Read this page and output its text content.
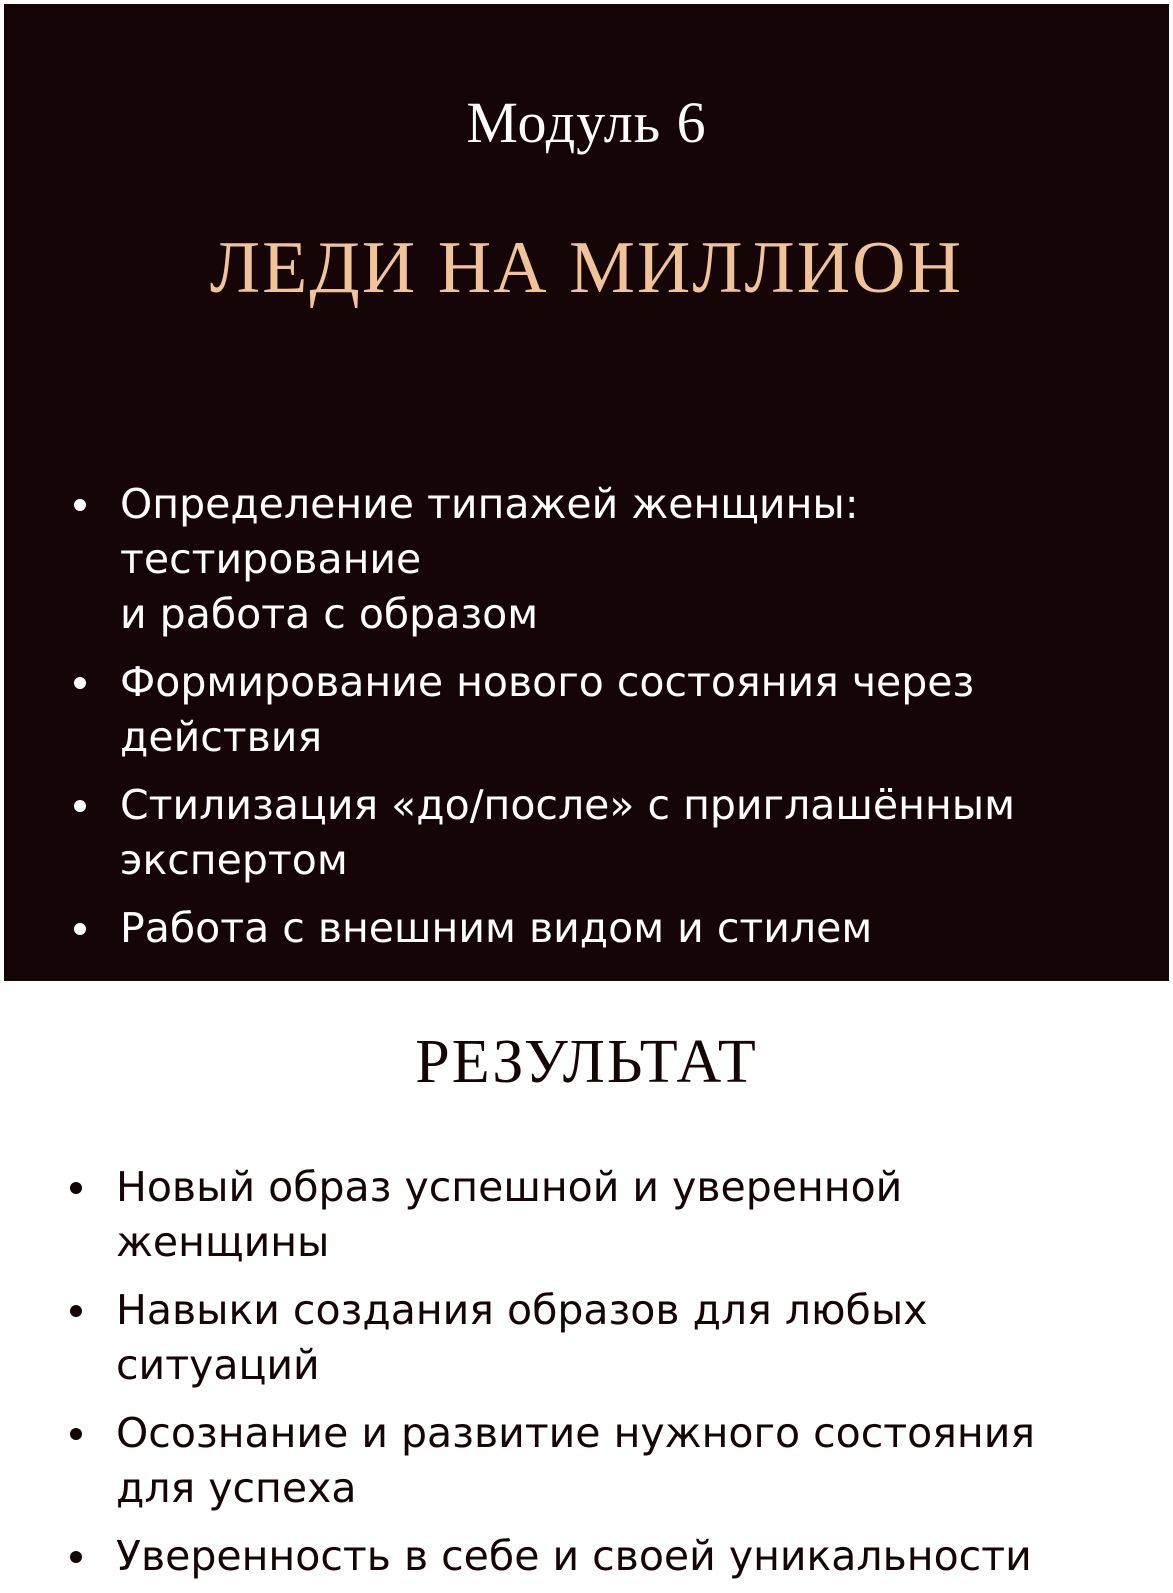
Модуль 6
ЛЕДИ НА МИЛЛИОН
Определение типажей женщины: тестирование
и работа с образом
Формирование нового состояния через действия
Стилизация «до/после» с приглашённым
экспертом
Работа с внешним видом и стилем
РЕЗУЛЬТАТ
Новый образ успешной и уверенной женщины
Навыки создания образов для любых ситуаций
Осознание и развитие нужного состояния
для успеха
Уверенность в себе и своей уникальности
